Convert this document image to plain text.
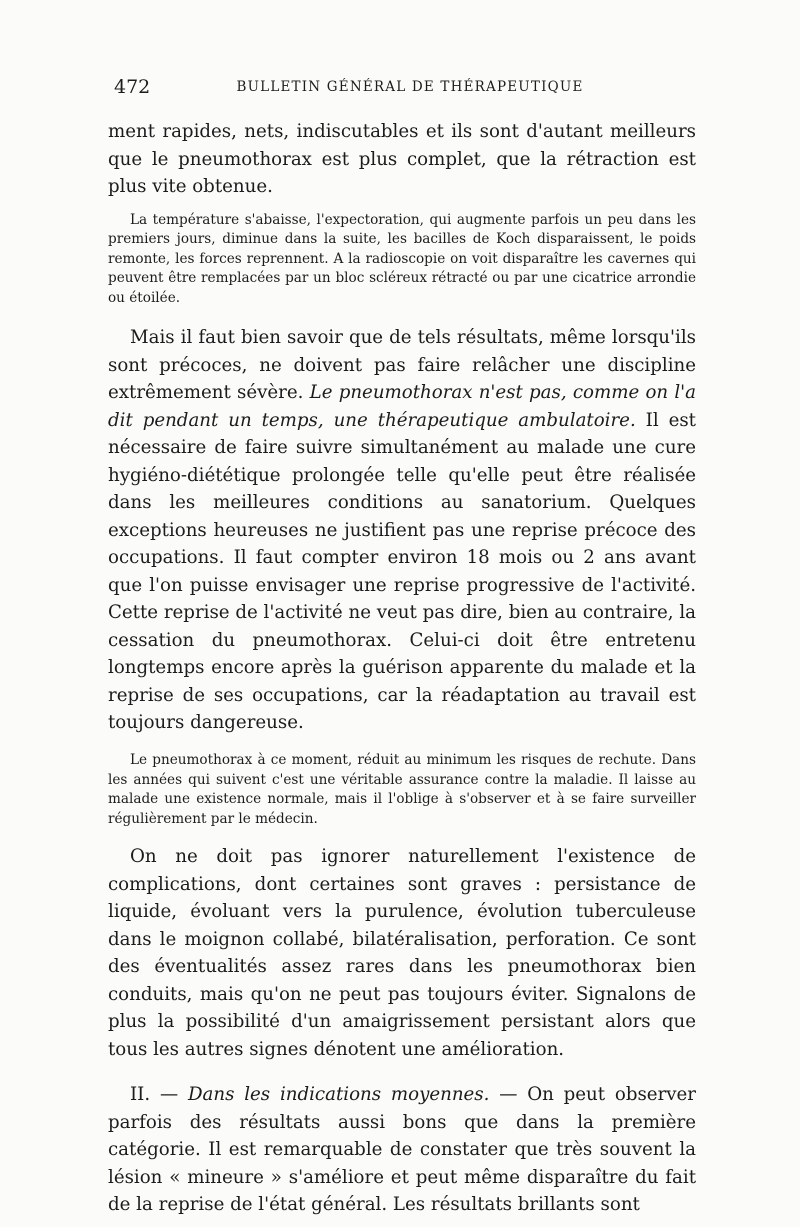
472	BULLETIN GÉNÉRAL DE THÉRAPEUTIQUE

ment rapides, nets, indiscutables et ils sont d'autant meilleurs que le pneumothorax est plus complet, que la rétraction est plus vite obtenue.

La température s'abaisse, l'expectoration, qui augmente parfois un peu dans les premiers jours, diminue dans la suite, les bacilles de Koch disparaissent, le poids remonte, les forces reprennent. A la radioscopie on voit disparaître les cavernes qui peuvent être remplacées par un bloc scléreux rétracté ou par une cicatrice arrondie ou étoilée.

Mais il faut bien savoir que de tels résultats, même lorsqu'ils sont précoces, ne doivent pas faire relâcher une discipline extrêmement sévère. Le pneumothorax n'est pas, comme on l'a dit pendant un temps, une thérapeutique ambulatoire. Il est nécessaire de faire suivre simultanément au malade une cure hygiéno-diététique prolongée telle qu'elle peut être réalisée dans les meilleures conditions au sanatorium. Quelques exceptions heureuses ne justifient pas une reprise précoce des occupations. Il faut compter environ 18 mois ou 2 ans avant que l'on puisse envisager une reprise progressive de l'activité. Cette reprise de l'activité ne veut pas dire, bien au contraire, la cessation du pneumothorax. Celui-ci doit être entretenu longtemps encore après la guérison apparente du malade et la reprise de ses occupations, car la réadaptation au travail est toujours dangereuse.

Le pneumothorax à ce moment, réduit au minimum les risques de rechute. Dans les années qui suivent c'est une véritable assurance contre la maladie. Il laisse au malade une existence normale, mais il l'oblige à s'observer et à se faire surveiller régulièrement par le médecin.

On ne doit pas ignorer naturellement l'existence de complications, dont certaines sont graves : persistance de liquide, évoluant vers la purulence, évolution tuberculeuse dans le moignon collabé, bilatéralisation, perforation. Ce sont des éventualités assez rares dans les pneumothorax bien conduits, mais qu'on ne peut pas toujours éviter. Signalons de plus la possibilité d'un amaigrissement persistant alors que tous les autres signes dénotent une amélioration.

II. — Dans les indications moyennes. — On peut observer parfois des résultats aussi bons que dans la première catégorie. Il est remarquable de constater que très souvent la lésion « mineure » s'améliore et peut même disparaître du fait de la reprise de l'état général. Les résultats brillants sont
